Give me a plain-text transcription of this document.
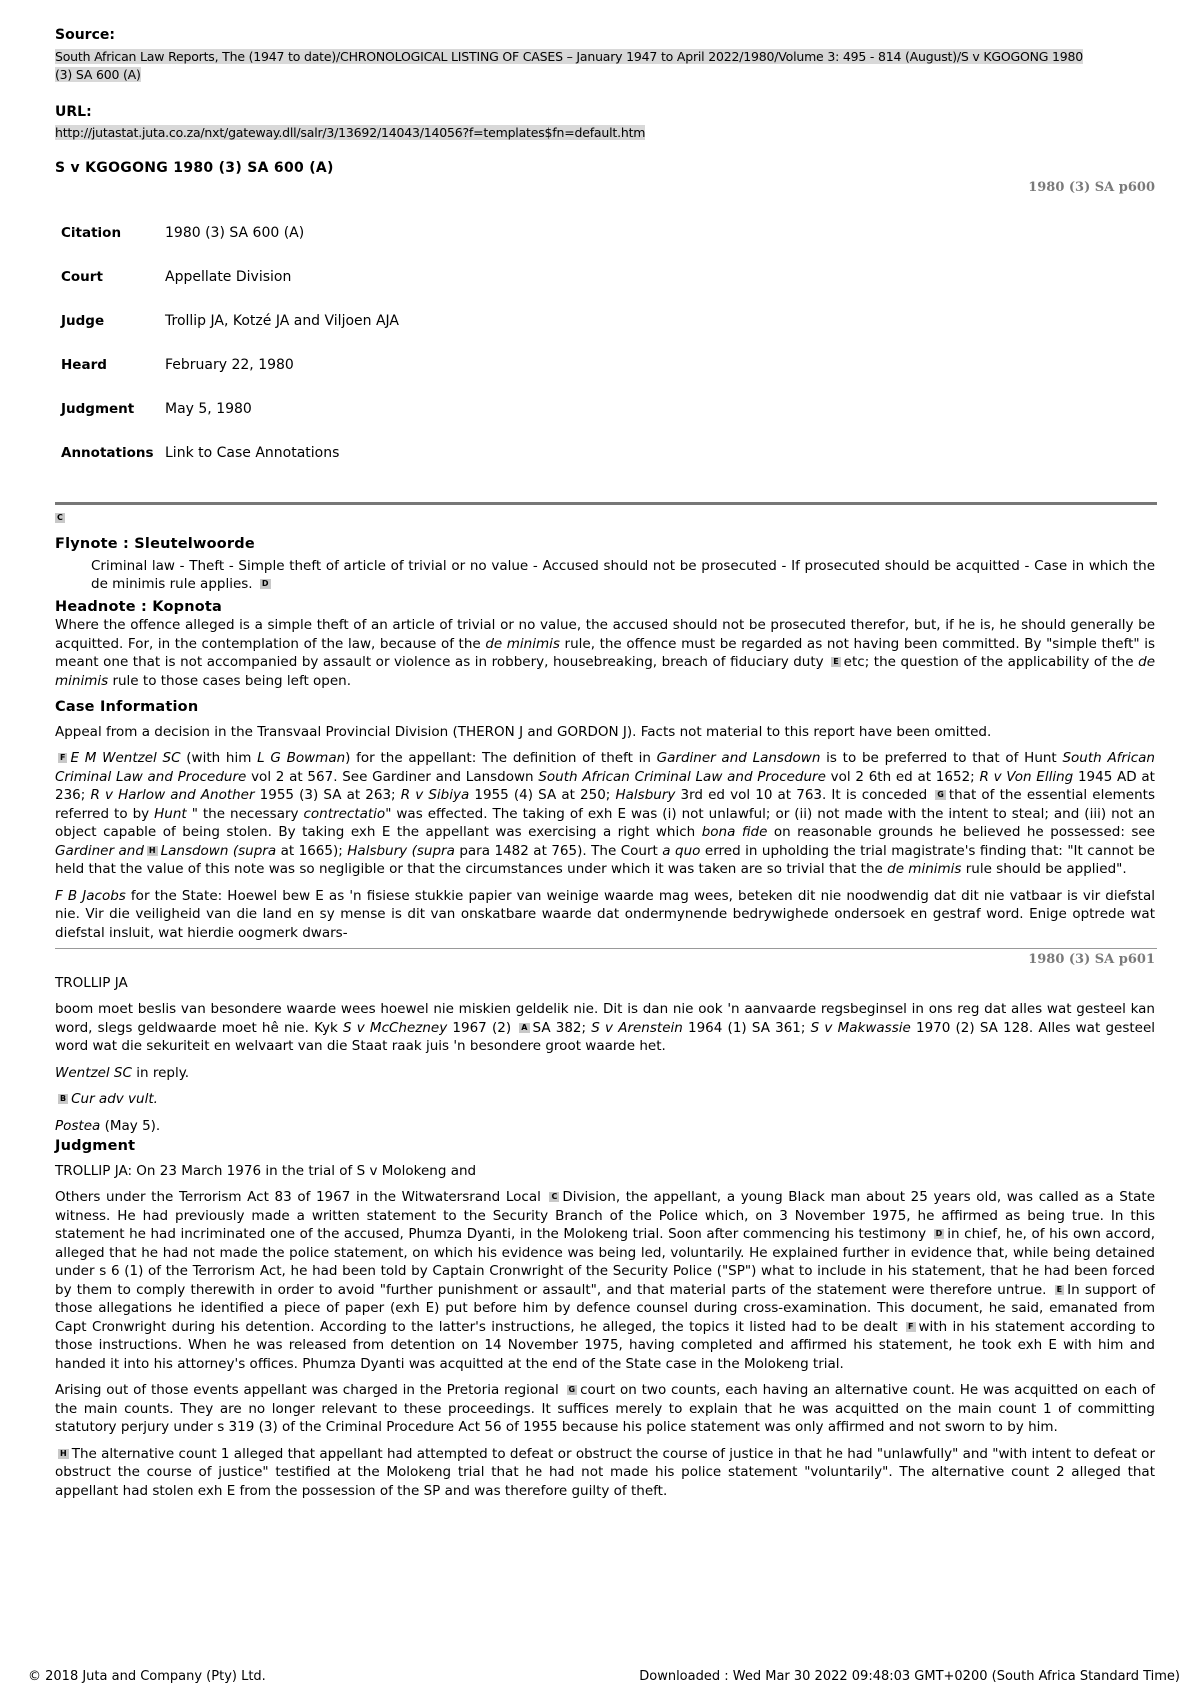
Source:
South African Law Reports, The (1947 to date)/CHRONOLOGICAL LISTING OF CASES – January 1947 to April 2022/1980/Volume 3: 495 - 814 (August)/S v KGOGONG 1980 (3) SA 600 (A)
URL:
http://jutastat.juta.co.za/nxt/gateway.dll/salr/3/13692/14043/14056?f=templates$fn=default.htm
S v KGOGONG 1980 (3) SA 600 (A)
1980 (3) SA p600
Citation	1980 (3) SA 600 (A)
Court	Appellate Division
Judge	Trollip JA, Kotzé JA and Viljoen AJA
Heard	February 22, 1980
Judgment	May 5, 1980
Annotations	Link to Case Annotations
C
Flynote : Sleutelwoorde

Criminal law - Theft - Simple theft of article of trivial or no value - Accused should not be prosecuted - If prosecuted should be acquitted - Case in which the de minimis rule applies. D

Headnote : Kopnota

Where the offence alleged is a simple theft of an article of trivial or no value, the accused should not be prosecuted therefor, but, if he is, he should generally be acquitted. For, in the contemplation of the law, because of the de minimis rule, the offence must be regarded as not having been committed. By "simple theft" is meant one that is not accompanied by assault or violence as in robbery, housebreaking, breach of fiduciary duty E etc; the question of the applicability of the de minimis rule to those cases being left open.

Case Information

Appeal from a decision in the Transvaal Provincial Division (THERON J and GORDON J). Facts not material to this report have been omitted.

F E M Wentzel SC (with him L G Bowman) for the appellant: The definition of theft in Gardiner and Lansdown is to be preferred to that of Hunt South African Criminal Law and Procedure vol 2 at 567. See Gardiner and Lansdown South African Criminal Law and Procedure vol 2 6th ed at 1652; R v Von Elling 1945 AD at 236; R v Harlow and Another 1955 (3) SA at 263; R v Sibiya 1955 (4) SA at 250; Halsbury 3rd ed vol 10 at 763. It is conceded G that of the essential elements referred to by Hunt " the necessary contrectatio" was effected. The taking of exh E was (i) not unlawful; or (ii) not made with the intent to steal; and (iii) not an object capable of being stolen. By taking exh E the appellant was exercising a right which bona fide on reasonable grounds he believed he possessed: see Gardiner and H Lansdown (supra at 1665); Halsbury (supra para 1482 at 765). The Court a quo erred in upholding the trial magistrate's finding that: "It cannot be held that the value of this note was so negligible or that the circumstances under which it was taken are so trivial that the de minimis rule should be applied".

F B Jacobs for the State: Hoewel bew E as 'n fisiese stukkie papier van weinige waarde mag wees, beteken dit nie noodwendig dat dit nie vatbaar is vir diefstal nie. Vir die veiligheid van die land en sy mense is dit van onskatbare waarde dat ondermynende bedrywighede ondersoek en gestraf word. Enige optrede wat diefstal insluit, wat hierdie oogmerk dwars-

1980 (3) SA p601

TROLLIP JA

boom moet beslis van besondere waarde wees hoewel nie miskien geldelik nie. Dit is dan nie ook 'n aanvaarde regsbeginsel in ons reg dat alles wat gesteel kan word, slegs geldwaarde moet hê nie. Kyk S v McChezney 1967 (2) A SA 382; S v Arenstein 1964 (1) SA 361; S v Makwassie 1970 (2) SA 128. Alles wat gesteel word wat die sekuriteit en welvaart van die Staat raak juis 'n besondere groot waarde het.

Wentzel SC in reply.

B Cur adv vult.

Postea (May 5).

Judgment

TROLLIP JA: On 23 March 1976 in the trial of S v Molokeng and

Others under the Terrorism Act 83 of 1967 in the Witwatersrand Local C Division, the appellant, a young Black man about 25 years old, was called as a State witness. He had previously made a written statement to the Security Branch of the Police which, on 3 November 1975, he affirmed as being true. In this statement he had incriminated one of the accused, Phumza Dyanti, in the Molokeng trial. Soon after commencing his testimony D in chief, he, of his own accord, alleged that he had not made the police statement, on which his evidence was being led, voluntarily. He explained further in evidence that, while being detained under s 6 (1) of the Terrorism Act, he had been told by Captain Cronwright of the Security Police ("SP") what to include in his statement, that he had been forced by them to comply therewith in order to avoid "further punishment or assault", and that material parts of the statement were therefore untrue. E In support of those allegations he identified a piece of paper (exh E) put before him by defence counsel during cross-examination. This document, he said, emanated from Capt Cronwright during his detention. According to the latter's instructions, he alleged, the topics it listed had to be dealt F with in his statement according to those instructions. When he was released from detention on 14 November 1975, having completed and affirmed his statement, he took exh E with him and handed it into his attorney's offices. Phumza Dyanti was acquitted at the end of the State case in the Molokeng trial.

Arising out of those events appellant was charged in the Pretoria regional G court on two counts, each having an alternative count. He was acquitted on each of the main counts. They are no longer relevant to these proceedings. It suffices merely to explain that he was acquitted on the main count 1 of committing statutory perjury under s 319 (3) of the Criminal Procedure Act 56 of 1955 because his police statement was only affirmed and not sworn to by him.

H The alternative count 1 alleged that appellant had attempted to defeat or obstruct the course of justice in that he had "unlawfully" and "with intent to defeat or obstruct the course of justice" testified at the Molokeng trial that he had not made his police statement "voluntarily". The alternative count 2 alleged that appellant had stolen exh E from the possession of the SP and was therefore guilty of theft.

© 2018 Juta and Company (Pty) Ltd.	Downloaded : Wed Mar 30 2022 09:48:03 GMT+0200 (South Africa Standard Time)
